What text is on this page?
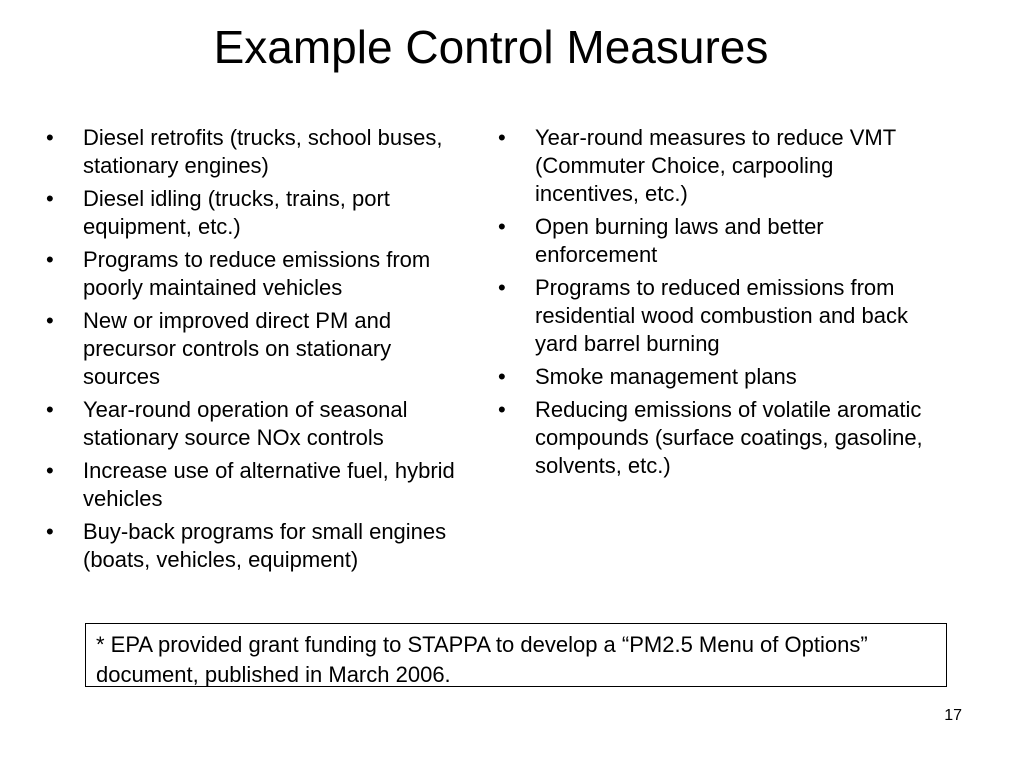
Example Control Measures
• Diesel retrofits (trucks, school buses, stationary engines)
• Diesel idling (trucks, trains, port equipment, etc.)
• Programs to reduce emissions from poorly maintained vehicles
• New or improved direct PM and precursor controls on stationary sources
• Year-round operation of seasonal stationary source NOx controls
• Increase use of alternative fuel, hybrid vehicles
• Buy-back programs for small engines (boats, vehicles, equipment)
• Year-round measures to reduce VMT (Commuter Choice, carpooling incentives, etc.)
• Open burning laws and better enforcement
• Programs to reduced emissions from residential wood combustion and back yard barrel burning
• Smoke management plans
• Reducing emissions of volatile aromatic compounds (surface coatings, gasoline, solvents, etc.)
* EPA provided grant funding to STAPPA to develop a “PM2.5 Menu of Options” document, published in March 2006.
17
